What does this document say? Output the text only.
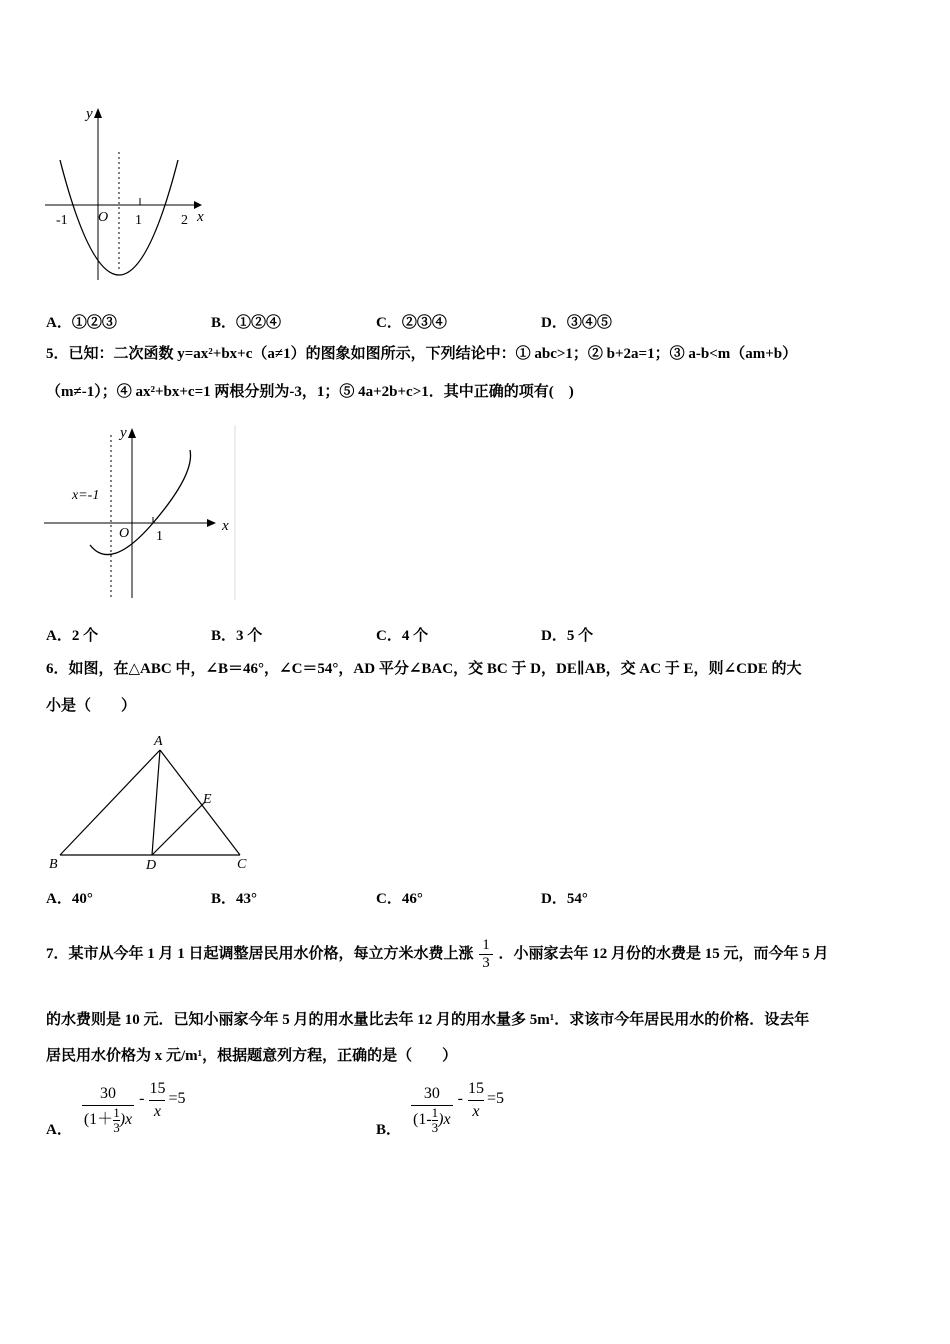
y
x
O
-1	1	2
A．①②③	B．①②④	C．②③④	D．③④⑤
5．已知：二次函数 y=ax²+bx+c（a≠1）的图象如图所示，下列结论中：① abc>1；② b+2a=1；③ a-b<m（am+b）
（m≠-1）；④ ax²+bx+c=1 两根分别为-3，1；⑤ 4a+2b+c>1．其中正确的项有(　)
y
x
O 1
x=-1
A．2 个	B．3 个	C．4 个	D．5 个
6．如图，在△ABC 中，∠B＝46°，∠C＝54°，AD 平分∠BAC，交 BC 于 D，DE∥AB，交 AC 于 E，则∠CDE 的大
小是（　　）
A
B	C
D
E
A．40°	B．43°	C．46°	D．54°
7．某市从今年 1 月 1 日起调整居民用水价格，每立方米水费上涨 $\frac{1}{3}$ ．小丽家去年 12 月份的水费是 15 元，而今年 5 月
的水费则是 10 元．已知小丽家今年 5 月的用水量比去年 12 月的用水量多 5m¹．求该市今年居民用水的价格．设去年
居民用水价格为 x 元/m¹，根据题意列方程，正确的是（　　）
A．
30
$(1+ \frac{1}{3} )x$
-
15
x
=5
B．
30
$(1- \frac{1}{3} )x$
-
15
x
=5
